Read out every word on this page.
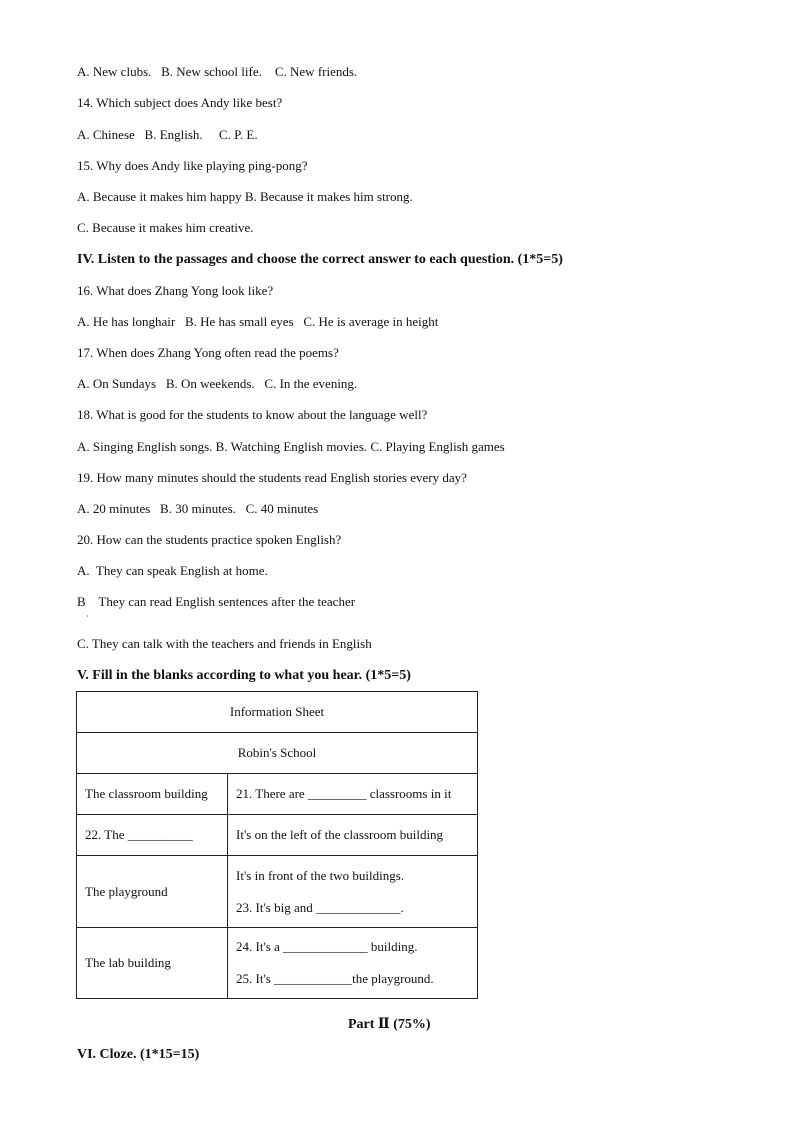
A. New clubs.   B. New school life.    C. New friends.
14. Which subject does Andy like best?
A. Chinese   B. English.     C. P. E.
15. Why does Andy like playing ping-pong?
A. Because it makes him happy B. Because it makes him strong.
C. Because it makes him creative.
IV. Listen to the passages and choose the correct answer to each question. (1*5=5)
16. What does Zhang Yong look like?
A. He has longhair   B. He has small eyes   C. He is average in height
17. When does Zhang Yong often read the poems?
A. On Sundays   B. On weekends.   C. In the evening.
18. What is good for the students to know about the language well?
A. Singing English songs. B. Watching English movies. C. Playing English games
19. How many minutes should the students read English stories every day?
A. 20 minutes   B. 30 minutes.   C. 40 minutes
20. How can the students practice spoken English?
A.  They can speak English at home.
B    They can read English sentences after the teacher
·
C. They can talk with the teachers and friends in English
V. Fill in the blanks according to what you hear. (1*5=5)
Information Sheet	
Robin's School	
The classroom building	21. There are _________ classrooms in it
22. The __________	It's on the left of the classroom building
The playground	It's in front of the two buildings.
23. It's big and _____________.

The lab building	24. It's a _____________ building.
25. It's ____________the playground.
Part Ⅱ (75%)
VI. Cloze. (1*15=15)
